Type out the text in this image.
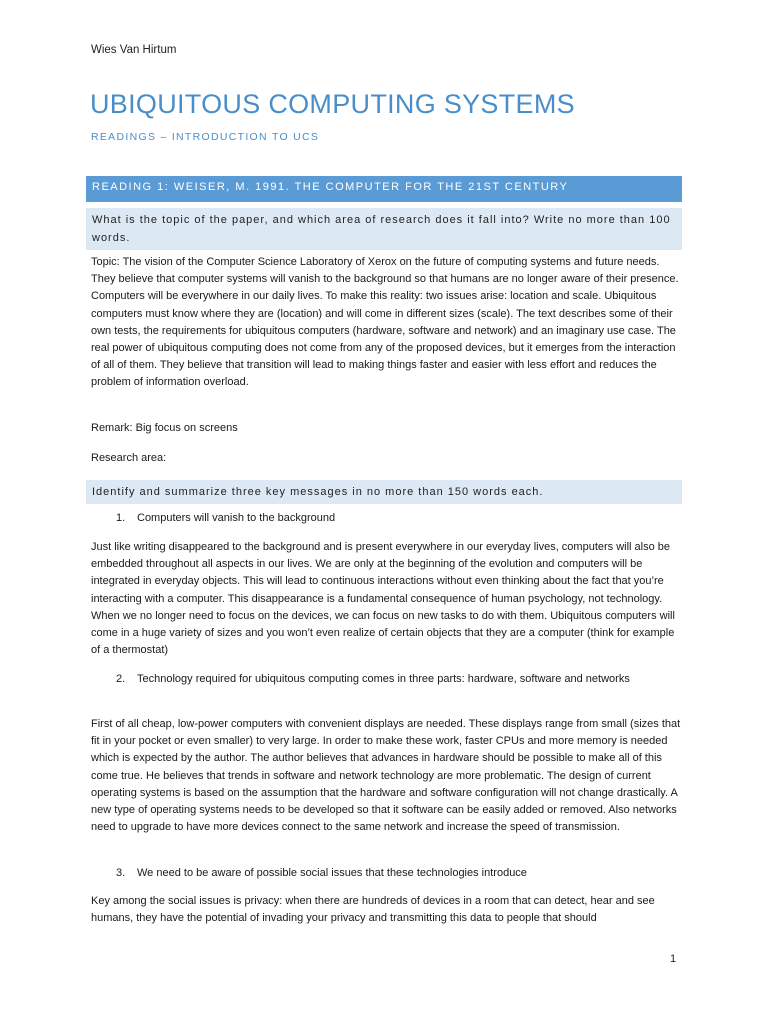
Wies Van Hirtum
UBIQUITOUS COMPUTING SYSTEMS
READINGS – INTRODUCTION TO UCS
READING 1: WEISER, M. 1991. THE COMPUTER FOR THE 21ST CENTURY
What is the topic of the paper, and which area of research does it fall into? Write no more than 100 words.
Topic: The vision of the Computer Science Laboratory of Xerox on the future of computing systems and future needs. They believe that computer systems will vanish to the background so that humans are no longer aware of their presence. Computers will be everywhere in our daily lives. To make this reality: two issues arise: location and scale. Ubiquitous computers must know where they are (location) and will come in different sizes (scale). The text describes some of their own tests, the requirements for ubiquitous computers (hardware, software and network) and an imaginary use case. The real power of ubiquitous computing does not come from any of the proposed devices, but it emerges from the interaction of all of them. They believe that transition will lead to making things faster and easier with less effort and reduces the problem of information overload.
Remark: Big focus on screens
Research area:
Identify and summarize three key messages in no more than 150 words each.
1. Computers will vanish to the background
Just like writing disappeared to the background and is present everywhere in our everyday lives, computers will also be embedded throughout all aspects in our lives. We are only at the beginning of the evolution and computers will be integrated in everyday objects. This will lead to continuous interactions without even thinking about the fact that you’re interacting with a computer. This disappearance is a fundamental consequence of human psychology, not technology. When we no longer need to focus on the devices, we can focus on new tasks to do with them. Ubiquitous computers will come in a huge variety of sizes and you won’t even realize of certain objects that they are a computer (think for example of a thermostat)
2. Technology required for ubiquitous computing comes in three parts: hardware, software and networks
First of all cheap, low-power computers with convenient displays are needed. These displays range from small (sizes that fit in your pocket or even smaller) to very large. In order to make these work, faster CPUs and more memory is needed which is expected by the author. The author believes that advances in hardware should be possible to make all of this come true. He believes that trends in software and network technology are more problematic. The design of current operating systems is based on the assumption that the hardware and software configuration will not change drastically. A new type of operating systems needs to be developed so that it software can be easily added or removed. Also networks need to upgrade to have more devices connect to the same network and increase the speed of transmission.
3. We need to be aware of possible social issues that these technologies introduce
Key among the social issues is privacy: when there are hundreds of devices in a room that can detect, hear and see humans, they have the potential of invading your privacy and transmitting this data to people that should
1
